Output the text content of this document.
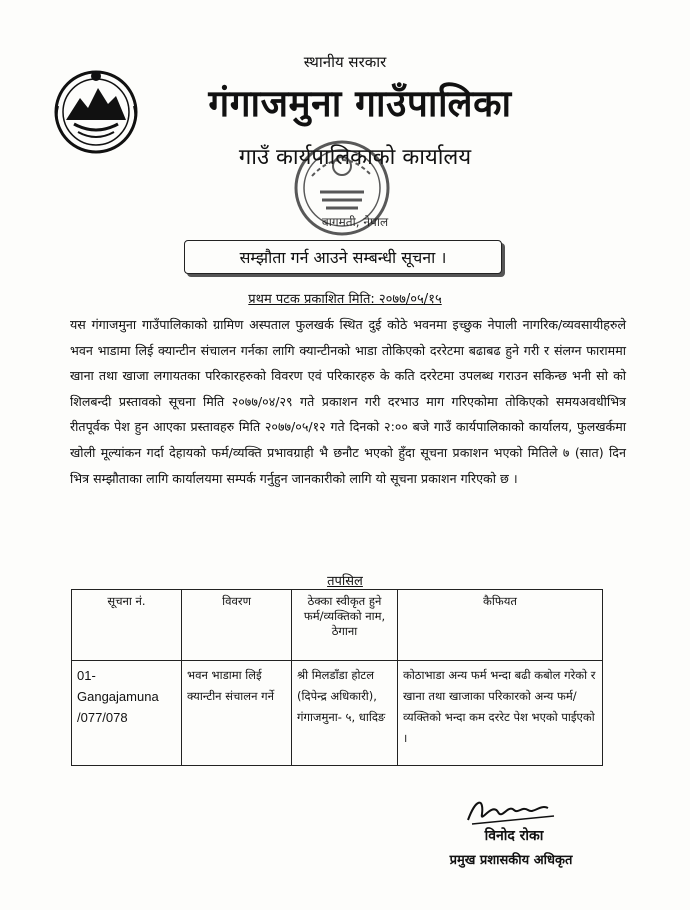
स्थानीय सरकार
गंगाजमुना गाउँपालिका
गाउँ कार्यपालिकाको कार्यालय
बागमती, नेपाल
सम्झौता गर्न आउने सम्बन्धी सूचना ।
प्रथम पटक प्रकाशित मिति: २०७७/०५/१५

यस गंगाजमुना गाउँपालिकाको ग्रामिण अस्पताल फुलखर्क स्थित दुई कोठे भवनमा इच्छुक नेपाली नागरिक/व्यवसायीहरुले भवन भाडामा लिई क्यान्टीन संचालन गर्नका लागि क्यान्टीनको भाडा तोकिएको दररेटमा बढाबढ हुने गरी र संलग्न फाराममा खाना तथा खाजा लगायतका परिकारहरुको विवरण एवं परिकारहरु के कति दररेटमा उपलब्ध गराउन सकिन्छ भनी सो को शिलबन्दी प्रस्तावको सूचना मिति २०७७/०४/२९ गते प्रकाशन गरी दरभाउ माग गरिएकोमा तोकिएको समयअवधीभित्र रीतपूर्वक पेश हुन आएका प्रस्तावहरु मिति २०७७/०५/१२ गते दिनको २:०० बजे गाउँ कार्यपालिकाको कार्यालय, फुलखर्कमा खोली मूल्यांकन गर्दा देहायको फर्म/व्यक्ति प्रभावग्राही भै छनौट भएको हुँदा सूचना प्रकाशन भएको मितिले ७ (सात) दिन भित्र सम्झौताका लागि कार्यालयमा सम्पर्क गर्नुहुन जानकारीको लागि यो सूचना प्रकाशन गरिएको छ ।

तपसिल
सूचना नं.	विवरण	ठेक्का स्वीकृत हुने फर्म/व्यक्तिको नाम, ठेगाना	कैफियत
01-Gangajamuna /077/078	भवन भाडामा लिई क्यान्टीन संचालन गर्ने	श्री मिलडाँडा होटल (दिपेन्द्र अधिकारी), गंगाजमुना- ५, धादिङ	कोठाभाडा अन्य फर्म भन्दा बढी कबोल गरेको र खाना तथा खाजाका परिकारको अन्य फर्म/व्यक्तिको भन्दा कम दररेट पेश भएको पाईएको ।
विनोद रोका
प्रमुख प्रशासकीय अधिकृत
